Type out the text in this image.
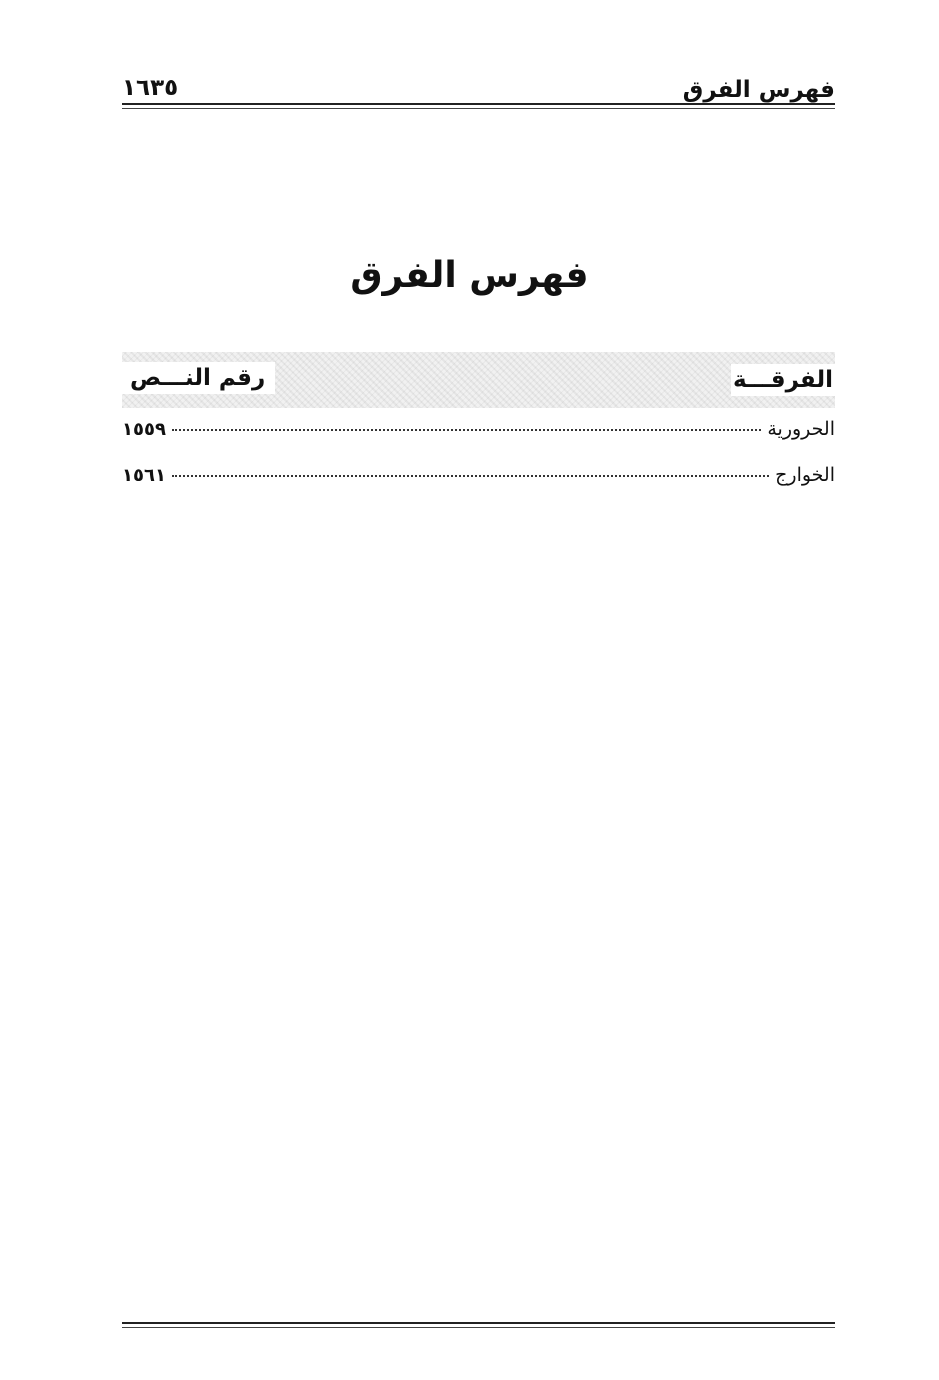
فهرس الفرق
١٦٣٥
فهرس الفرق
الفرقـــة
رقم النـــص
الحرورية
١٥٥٩
الخوارج
١٥٦١
